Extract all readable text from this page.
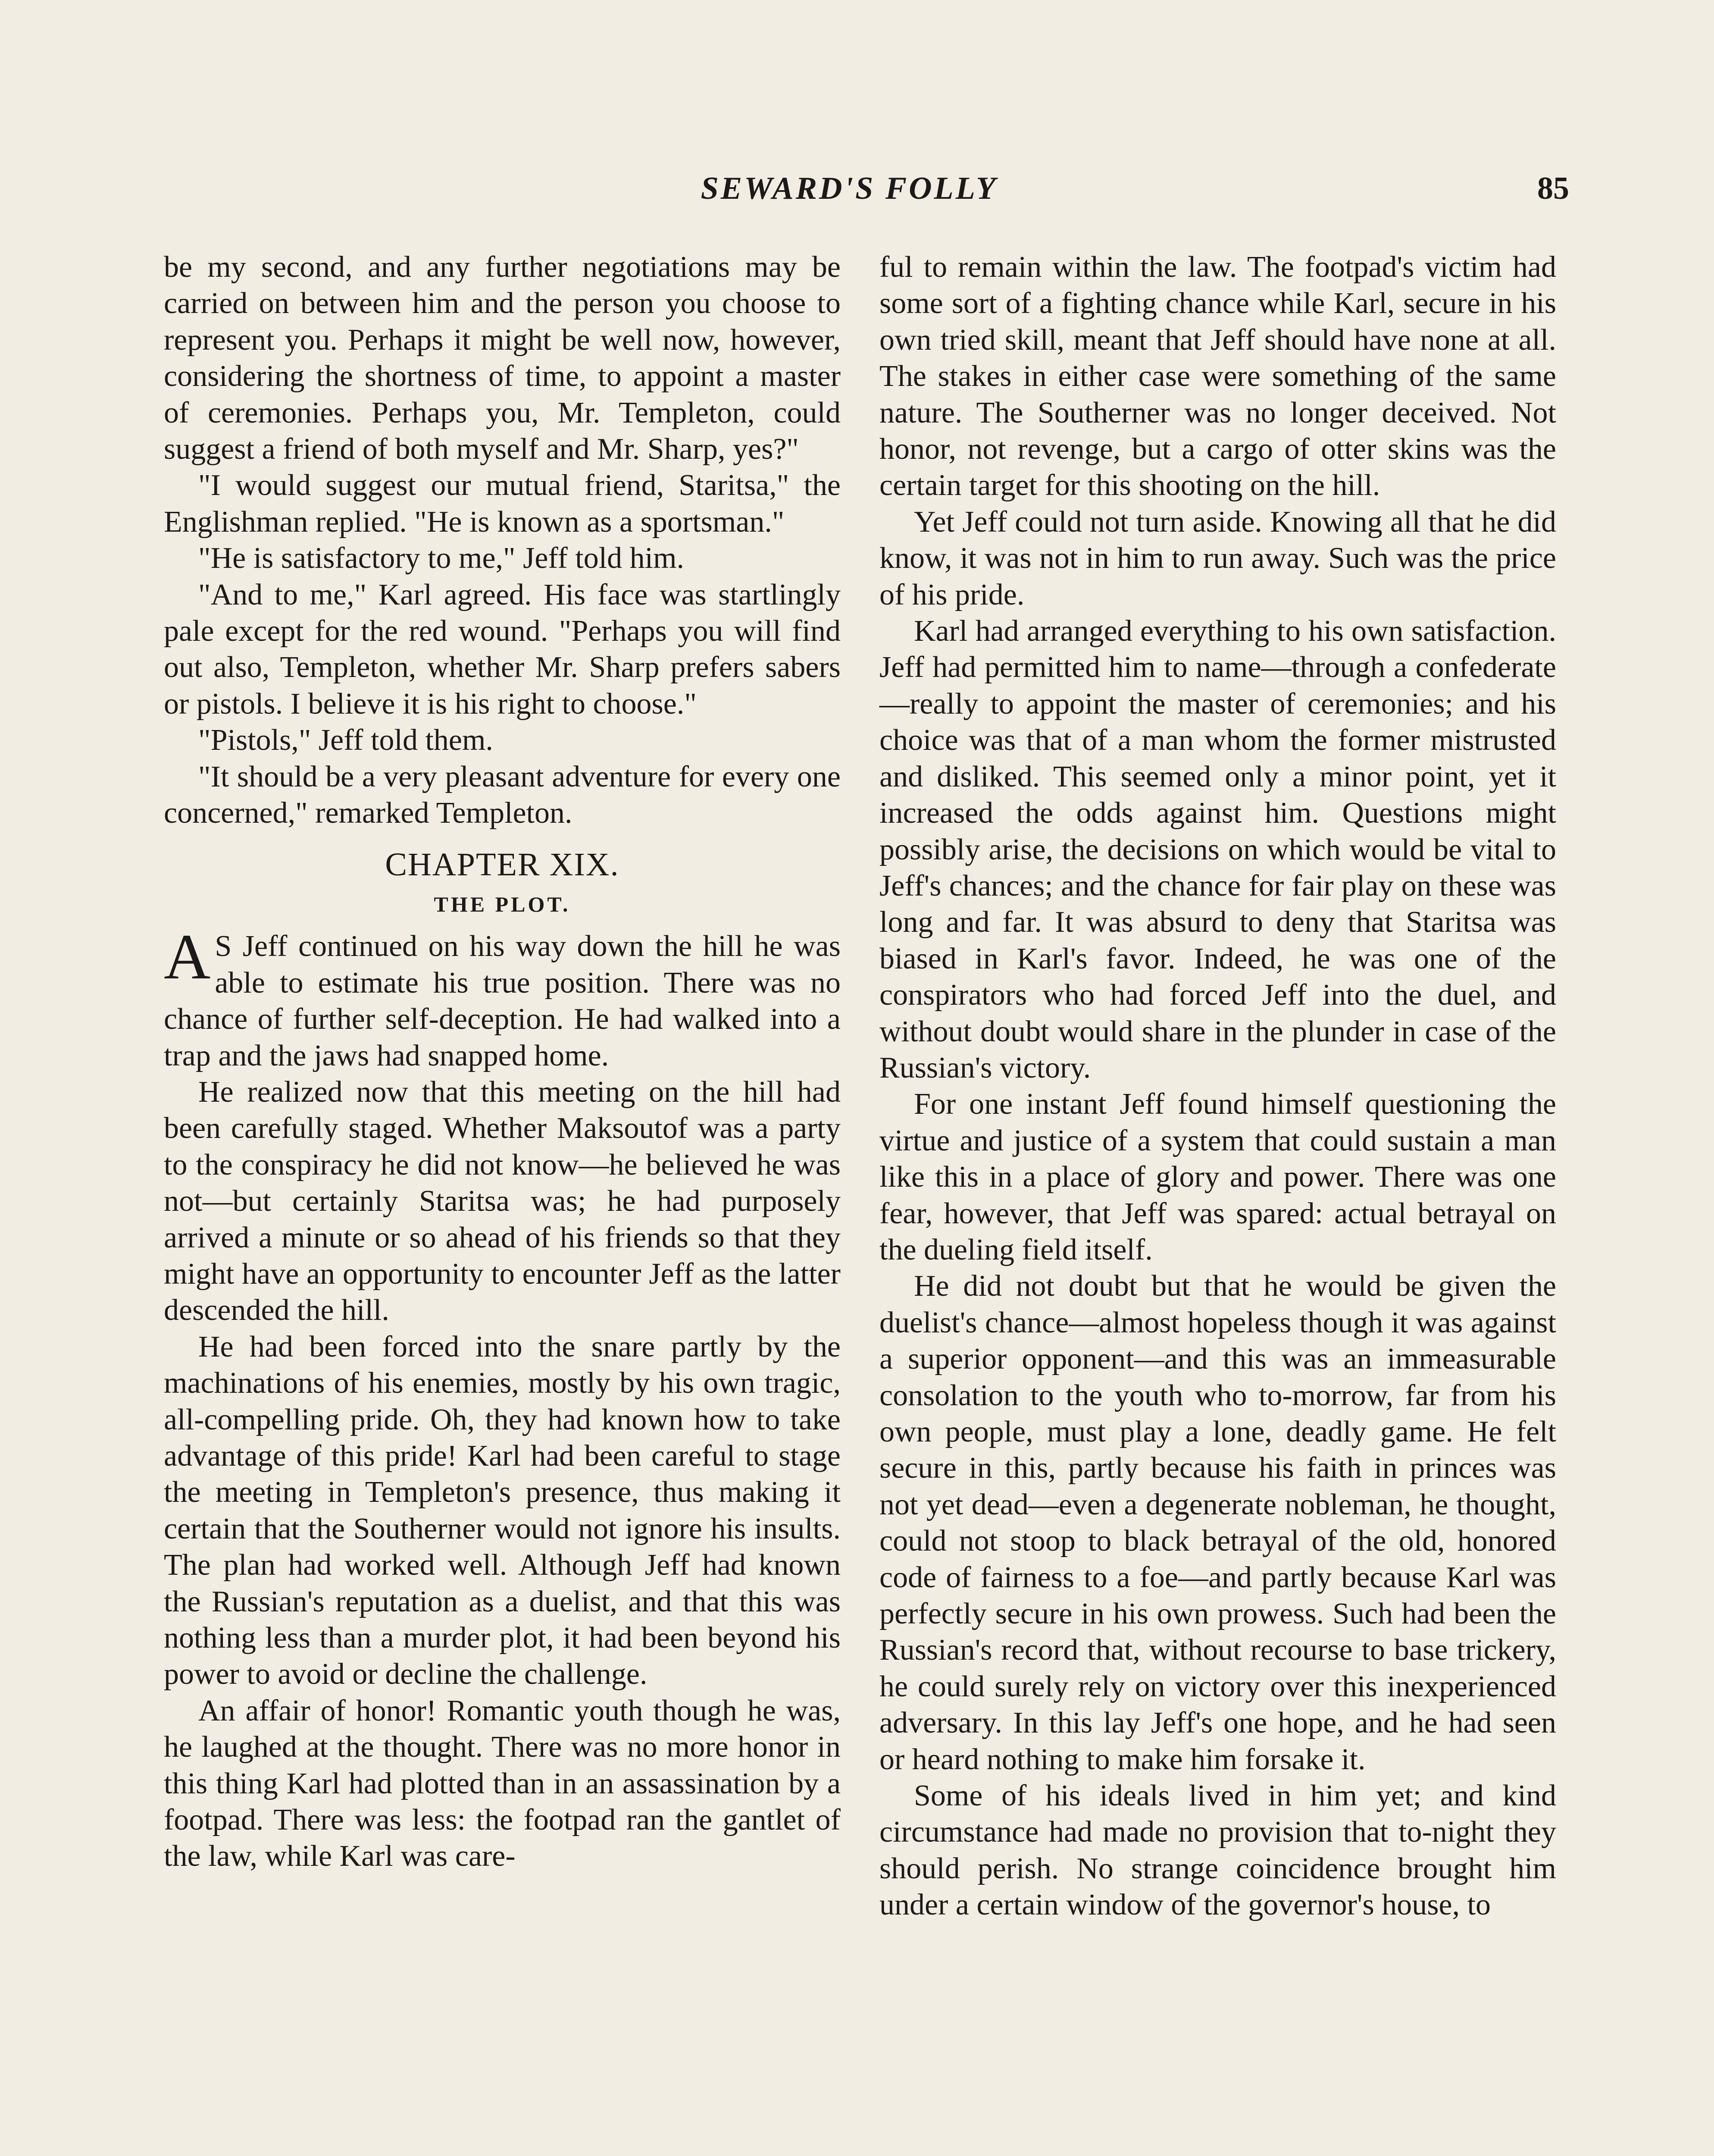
SEWARD'S FOLLY	85

be my second, and any further negotiations may be carried on between him and the person you choose to represent you. Perhaps it might be well now, however, considering the shortness of time, to appoint a master of ceremonies. Perhaps you, Mr. Templeton, could suggest a friend of both myself and Mr. Sharp, yes?"

"I would suggest our mutual friend, Staritsa," the Englishman replied. "He is known as a sportsman."

"He is satisfactory to me," Jeff told him.

"And to me," Karl agreed. His face was startlingly pale except for the red wound. "Perhaps you will find out also, Templeton, whether Mr. Sharp prefers sabers or pistols. I believe it is his right to choose."

"Pistols," Jeff told them.

"It should be a very pleasant adventure for every one concerned," remarked Templeton.

CHAPTER XIX.
THE PLOT.

A S Jeff continued on his way down the hill he was able to estimate his true position. There was no chance of further self-deception. He had walked into a trap and the jaws had snapped home.

He realized now that this meeting on the hill had been carefully staged. Whether Maksoutof was a party to the conspiracy he did not know—he believed he was not—but certainly Staritsa was; he had purposely arrived a minute or so ahead of his friends so that they might have an opportunity to encounter Jeff as the latter descended the hill.

He had been forced into the snare partly by the machinations of his enemies, mostly by his own tragic, all-compelling pride. Oh, they had known how to take advantage of this pride! Karl had been careful to stage the meeting in Templeton's presence, thus making it certain that the Southerner would not ignore his insults. The plan had worked well. Although Jeff had known the Russian's reputation as a duelist, and that this was nothing less than a murder plot, it had been beyond his power to avoid or decline the challenge.

An affair of honor! Romantic youth though he was, he laughed at the thought. There was no more honor in this thing Karl had plotted than in an assassination by a footpad. There was less: the footpad ran the gantlet of the law, while Karl was care-

ful to remain within the law. The footpad's victim had some sort of a fighting chance while Karl, secure in his own tried skill, meant that Jeff should have none at all. The stakes in either case were something of the same nature. The Southerner was no longer deceived. Not honor, not revenge, but a cargo of otter skins was the certain target for this shooting on the hill.

Yet Jeff could not turn aside. Knowing all that he did know, it was not in him to run away. Such was the price of his pride.

Karl had arranged everything to his own satisfaction. Jeff had permitted him to name—through a confederate—really to appoint the master of ceremonies; and his choice was that of a man whom the former mistrusted and disliked. This seemed only a minor point, yet it increased the odds against him. Questions might possibly arise, the decisions on which would be vital to Jeff's chances; and the chance for fair play on these was long and far. It was absurd to deny that Staritsa was biased in Karl's favor. Indeed, he was one of the conspirators who had forced Jeff into the duel, and without doubt would share in the plunder in case of the Russian's victory.

For one instant Jeff found himself questioning the virtue and justice of a system that could sustain a man like this in a place of glory and power. There was one fear, however, that Jeff was spared: actual betrayal on the dueling field itself.

He did not doubt but that he would be given the duelist's chance—almost hopeless though it was against a superior opponent—and this was an immeasurable consolation to the youth who to-morrow, far from his own people, must play a lone, deadly game. He felt secure in this, partly because his faith in princes was not yet dead—even a degenerate nobleman, he thought, could not stoop to black betrayal of the old, honored code of fairness to a foe—and partly because Karl was perfectly secure in his own prowess. Such had been the Russian's record that, without recourse to base trickery, he could surely rely on victory over this inexperienced adversary. In this lay Jeff's one hope, and he had seen or heard nothing to make him forsake it.

Some of his ideals lived in him yet; and kind circumstance had made no provision that to-night they should perish. No strange coincidence brought him under a certain window of the governor's house, to
